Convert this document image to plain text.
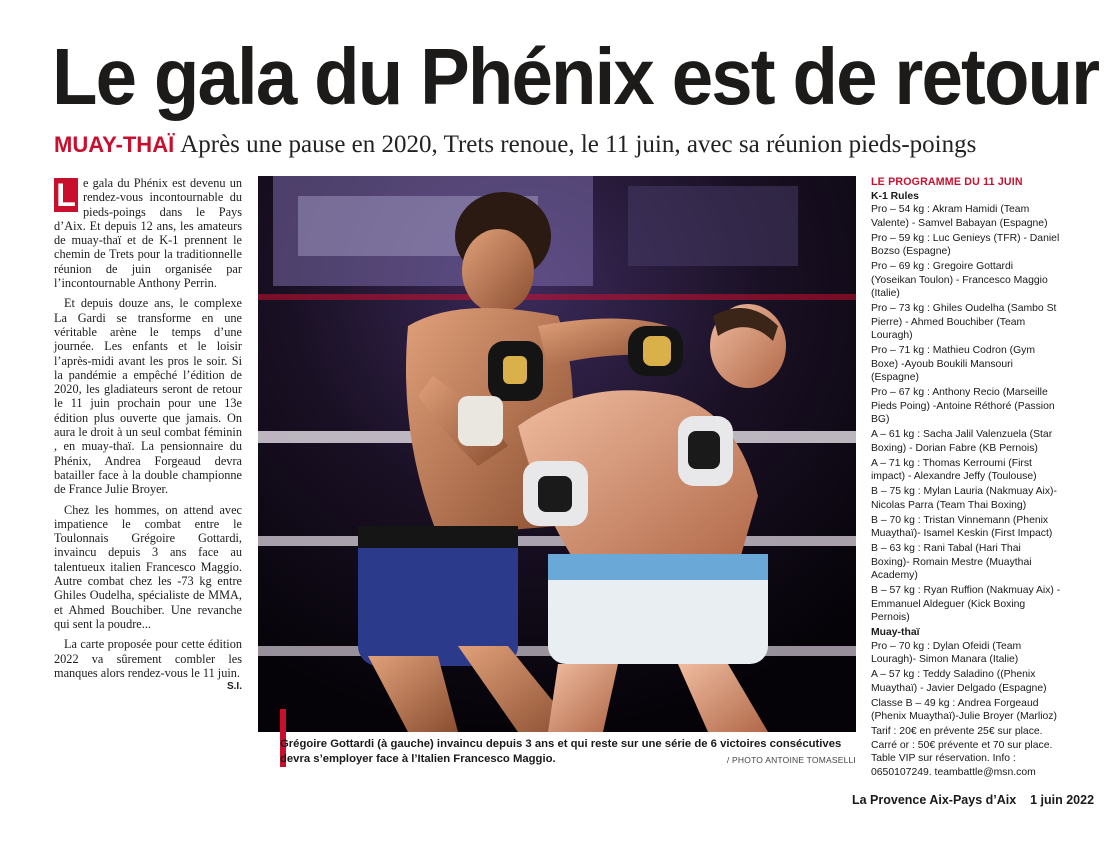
Le gala du Phénix est de retour
MUAY-THAÏ Après une pause en 2020, Trets renoue, le 11 juin, avec sa réunion pieds-poings

L e gala du Phénix est devenu un rendez-vous incontournable du pieds-poings dans le Pays d’Aix. Et depuis 12 ans, les amateurs de muay-thaï et de K-1 prennent le chemin de Trets pour la traditionnelle réunion de juin organisée par l’incontournable Anthony Perrin.

Et depuis douze ans, le complexe La Gardi se transforme en une véritable arène le temps d’une journée. Les enfants et le loisir l’après-midi avant les pros le soir. Si la pandémie a empêché l’édition de 2020, les gladiateurs seront de retour le 11 juin prochain pour une 13e édition plus ouverte que jamais. On aura le droit à un seul combat féminin , en muay-thaï. La pensionnaire du Phénix, Andrea Forgeaud devra batailler face à la double championne de France Julie Broyer.

Chez les hommes, on attend avec impatience le combat entre le Toulonnais Grégoire Gottardi, invaincu depuis 3 ans face au talentueux italien Francesco Maggio. Autre combat chez les -73 kg entre Ghiles Oudelha, spécialiste de MMA, et Ahmed Bouchiber. Une revanche qui sent la poudre...

La carte proposée pour cette édition 2022 va sûrement combler les manques alors rendez-vous le 11 juin.
S.I.

Grégoire Gottardi (à gauche) invaincu depuis 3 ans et qui reste sur une série de 6 victoires consécutives devra s’employer face à l’Italien Francesco Maggio.	/ PHOTO ANTOINE TOMASELLI
LE PROGRAMME DU 11 JUIN
K-1 Rules
Pro – 54 kg : Akram Hamidi (Team Valente) - Samvel Babayan (Espagne)
Pro – 59 kg : Luc Genieys (TFR) - Daniel Bozso (Espagne)
Pro – 69 kg : Gregoire Gottardi (Yoseikan Toulon) - Francesco Maggio (Italie)
Pro – 73 kg : Ghiles Oudelha (Sambo St Pierre) - Ahmed Bouchiber (Team Louragh)
Pro – 71 kg : Mathieu Codron (Gym Boxe) -Ayoub Boukili Mansouri (Espagne)
Pro – 67 kg : Anthony Recio (Marseille Pieds Poing) -Antoine Réthoré (Passion BG)
A – 61 kg : Sacha Jalil Valenzuela (Star Boxing) - Dorian Fabre (KB Pernois)
A – 71 kg : Thomas Kerroumi (First impact) - Alexandre Jeffy (Toulouse)
B – 75 kg : Mylan Lauria (Nakmuay Aix)-Nicolas Parra (Team Thai Boxing)
B – 70 kg : Tristan Vinnemann (Phenix Muaythaï)- Isamel Keskin (First Impact)
B – 63 kg : Rani Tabal (Hari Thai Boxing)- Romain Mestre (Muaythai Academy)
B – 57 kg : Ryan Ruffion (Nakmuay Aix) - Emmanuel Aldeguer (Kick Boxing Pernois)
Muay-thaï
Pro – 70 kg : Dylan Ofeidi (Team Louragh)- Simon Manara (Italie)
A – 57 kg : Teddy Saladino ((Phenix Muaythaï) - Javier Delgado (Espagne)
Classe B – 49 kg : Andrea Forgeaud (Phenix Muaythaï)-Julie Broyer (Marlioz)
Tarif : 20€ en prévente 25€ sur place. Carré or : 50€ prévente et 70 sur place. Table VIP sur réservation. Info : 0650107249. teambattle@msn.com
La Provence Aix-Pays d’Aix 1 juin 2022
